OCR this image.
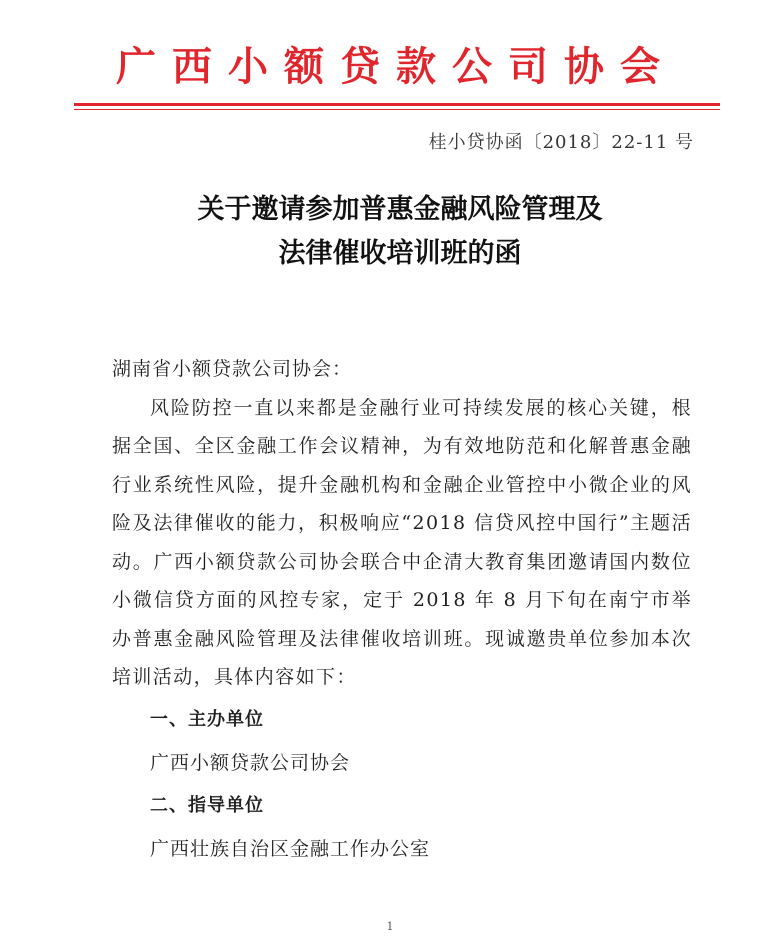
广西小额贷款公司协会
桂小贷协函〔2018〕22-11 号
关于邀请参加普惠金融风险管理及
法律催收培训班的函

湖南省小额贷款公司协会：

风险防控一直以来都是金融行业可持续发展的核心关键，根据全国、全区金融工作会议精神，为有效地防范和化解普惠金融行业系统性风险，提升金融机构和金融企业管控中小微企业的风险及法律催收的能力，积极响应“2018 信贷风控中国行”主题活动。广西小额贷款公司协会联合中企清大教育集团邀请国内数位小微信贷方面的风控专家，定于 2018 年 8 月下旬在南宁市举办普惠金融风险管理及法律催收培训班。现诚邀贵单位参加本次培训活动，具体内容如下：

一、主办单位

广西小额贷款公司协会

二、指导单位

广西壮族自治区金融工作办公室

1
